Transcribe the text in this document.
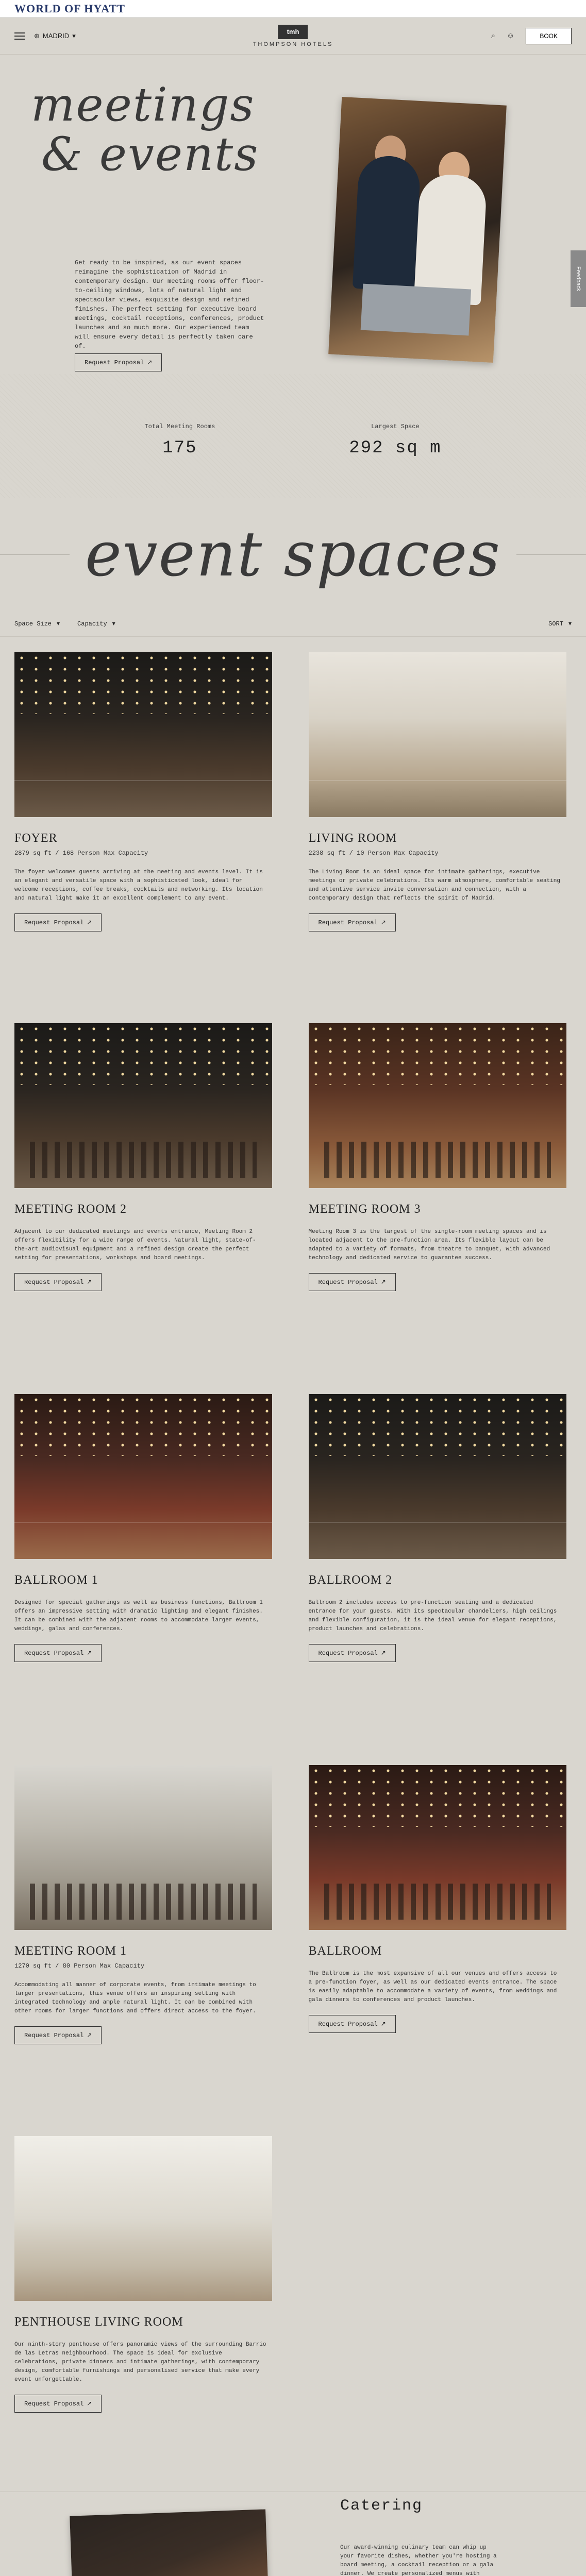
WORLD OF HYATT
⊕ MADRID ▾	tmh
THOMPSON HOTELS
⌕ ☺	BOOK
meetings
& events

Get ready to be inspired, as our event spaces reimagine the sophistication of Madrid in contemporary design. Our meeting rooms offer floor-to-ceiling windows, lots of natural light and spectacular views, exquisite design and refined finishes. The perfect setting for executive board meetings, cocktail receptions, conferences, product launches and so much more. Our experienced team will ensure every detail is perfectly taken care of.

Request Proposal ↗
Feedback
Total Meeting Rooms
175
Largest Space
292 sq m
event spaces
Space Size ▾	Capacity ▾	SORT ▾
FOYER
2879 sq ft / 168 Person Max Capacity

The foyer welcomes guests arriving at the meeting and events level. It is an elegant and versatile space with a sophisticated look, ideal for welcome receptions, coffee breaks, cocktails and networking. Its location and natural light make it an excellent complement to any event.

Request Proposal ↗
LIVING ROOM
2238 sq ft / 10 Person Max Capacity

The Living Room is an ideal space for intimate gatherings, executive meetings or private celebrations. Its warm atmosphere, comfortable seating and attentive service invite conversation and connection, with a contemporary design that reflects the spirit of Madrid.

Request Proposal ↗
MEETING ROOM 2

Adjacent to our dedicated meetings and events entrance, Meeting Room 2 offers flexibility for a wide range of events. Natural light, state-of-the-art audiovisual equipment and a refined design create the perfect setting for presentations, workshops and board meetings.

Request Proposal ↗
MEETING ROOM 3

Meeting Room 3 is the largest of the single-room meeting spaces and is located adjacent to the pre-function area. Its flexible layout can be adapted to a variety of formats, from theatre to banquet, with advanced technology and dedicated service to guarantee success.

Request Proposal ↗
BALLROOM 1

Designed for special gatherings as well as business functions, Ballroom 1 offers an impressive setting with dramatic lighting and elegant finishes. It can be combined with the adjacent rooms to accommodate larger events, weddings, galas and conferences.

Request Proposal ↗
BALLROOM 2

Ballroom 2 includes access to pre-function seating and a dedicated entrance for your guests. With its spectacular chandeliers, high ceilings and flexible configuration, it is the ideal venue for elegant receptions, product launches and celebrations.

Request Proposal ↗
MEETING ROOM 1
1270 sq ft / 80 Person Max Capacity

Accommodating all manner of corporate events, from intimate meetings to larger presentations, this venue offers an inspiring setting with integrated technology and ample natural light. It can be combined with other rooms for larger functions and offers direct access to the foyer.

Request Proposal ↗
BALLROOM

The Ballroom is the most expansive of all our venues and offers access to a pre-function foyer, as well as our dedicated events entrance. The space is easily adaptable to accommodate a variety of events, from weddings and gala dinners to conferences and product launches.

Request Proposal ↗
PENTHOUSE LIVING ROOM

Our ninth-story penthouse offers panoramic views of the surrounding Barrio de las Letras neighbourhood. The space is ideal for exclusive celebrations, private dinners and intimate gatherings, with contemporary design, comfortable furnishings and personalised service that make every event unforgettable.

Request Proposal ↗
Catering

Our award-winning culinary team can whip up your favorite dishes, whether you're hosting a board meeting, a cocktail reception or a gala dinner. We create personalized menus with
